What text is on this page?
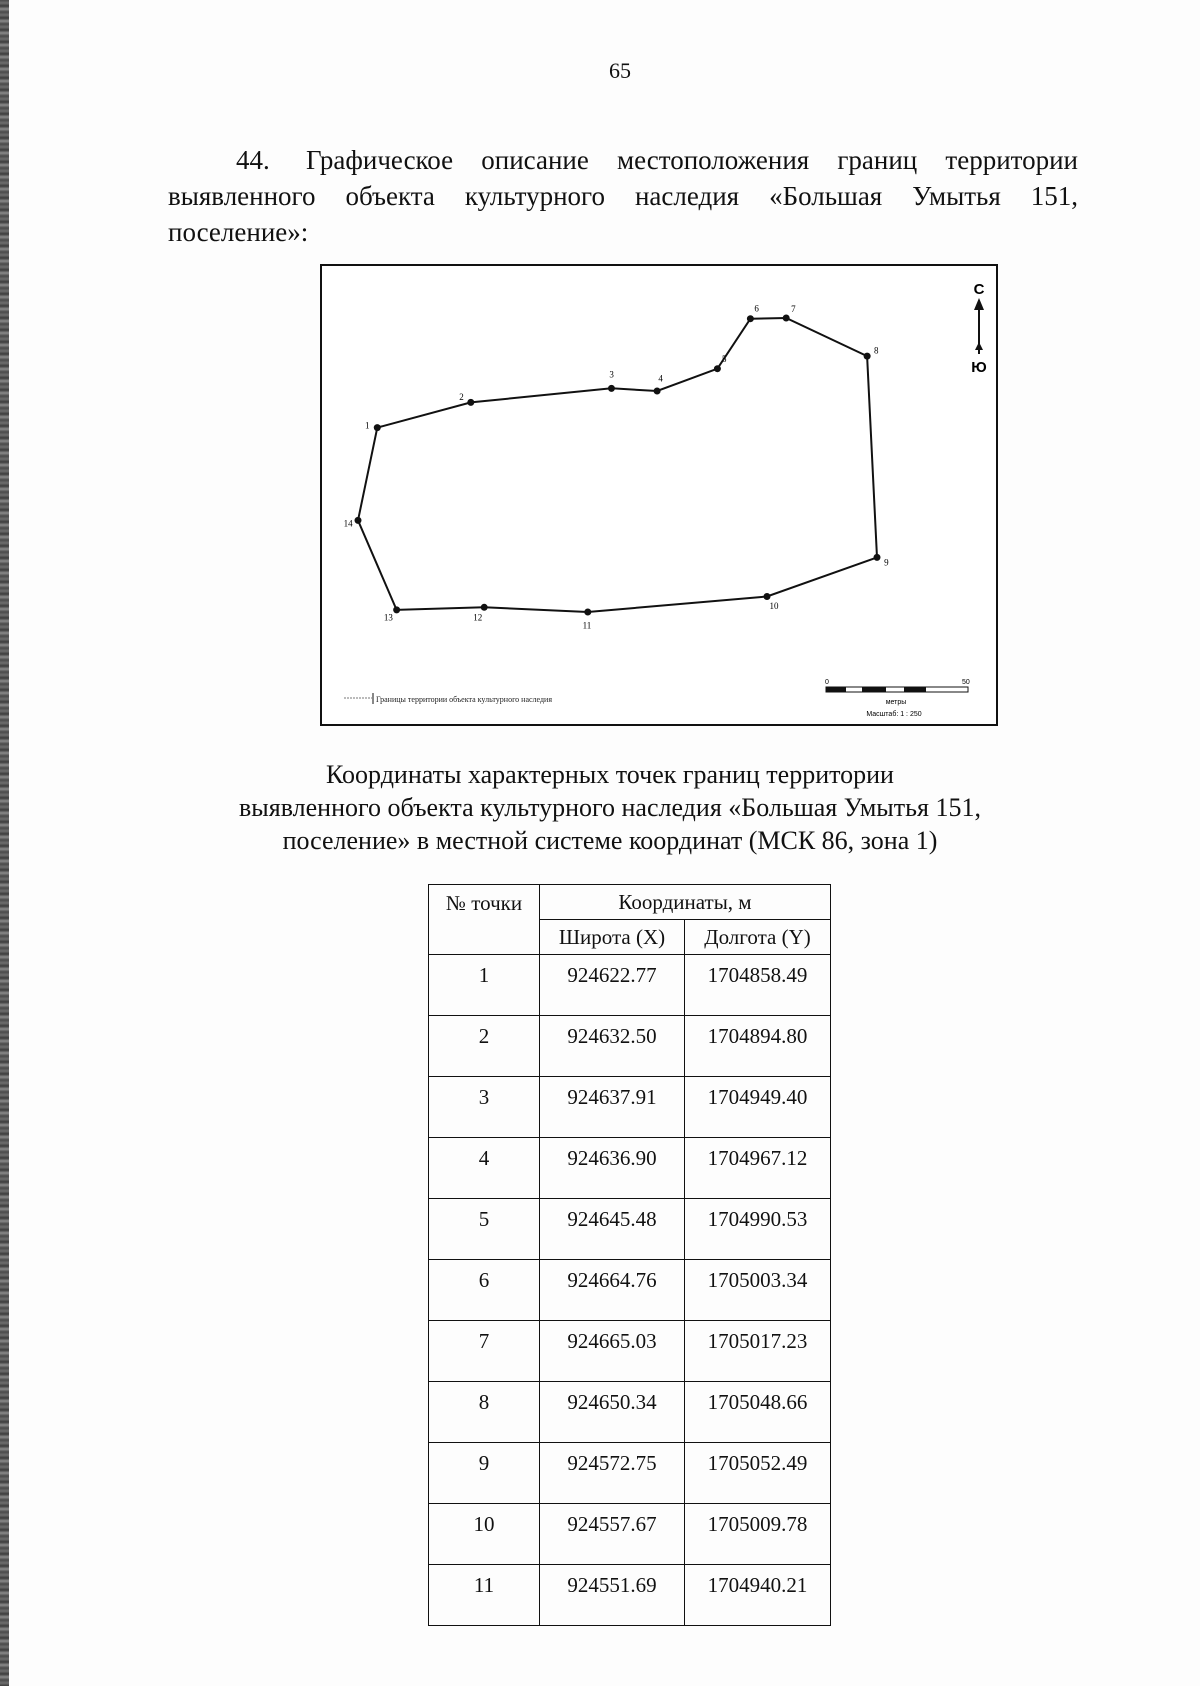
65
44. Графическое описание местоположения границ территории выявленного объекта культурного наследия «Большая Умытья 151, поселение»:
1
2
3	4
5
6	7
8
9
10
11
12
13
14
С
Ю
Границы территории объекта культурного наследия
0	50
метры
Масштаб: 1 : 250
Координаты характерных точек границ территории
выявленного объекта культурного наследия «Большая Умытья 151,
поселение» в местной системе координат (МСК 86, зона 1)
№ точки	Координаты, м	
	Широта (X)	Долгота (Y)
1	924622.77	1704858.49
2	924632.50	1704894.80
3	924637.91	1704949.40
4	924636.90	1704967.12
5	924645.48	1704990.53
6	924664.76	1705003.34
7	924665.03	1705017.23
8	924650.34	1705048.66
9	924572.75	1705052.49
10	924557.67	1705009.78
11	924551.69	1704940.21
